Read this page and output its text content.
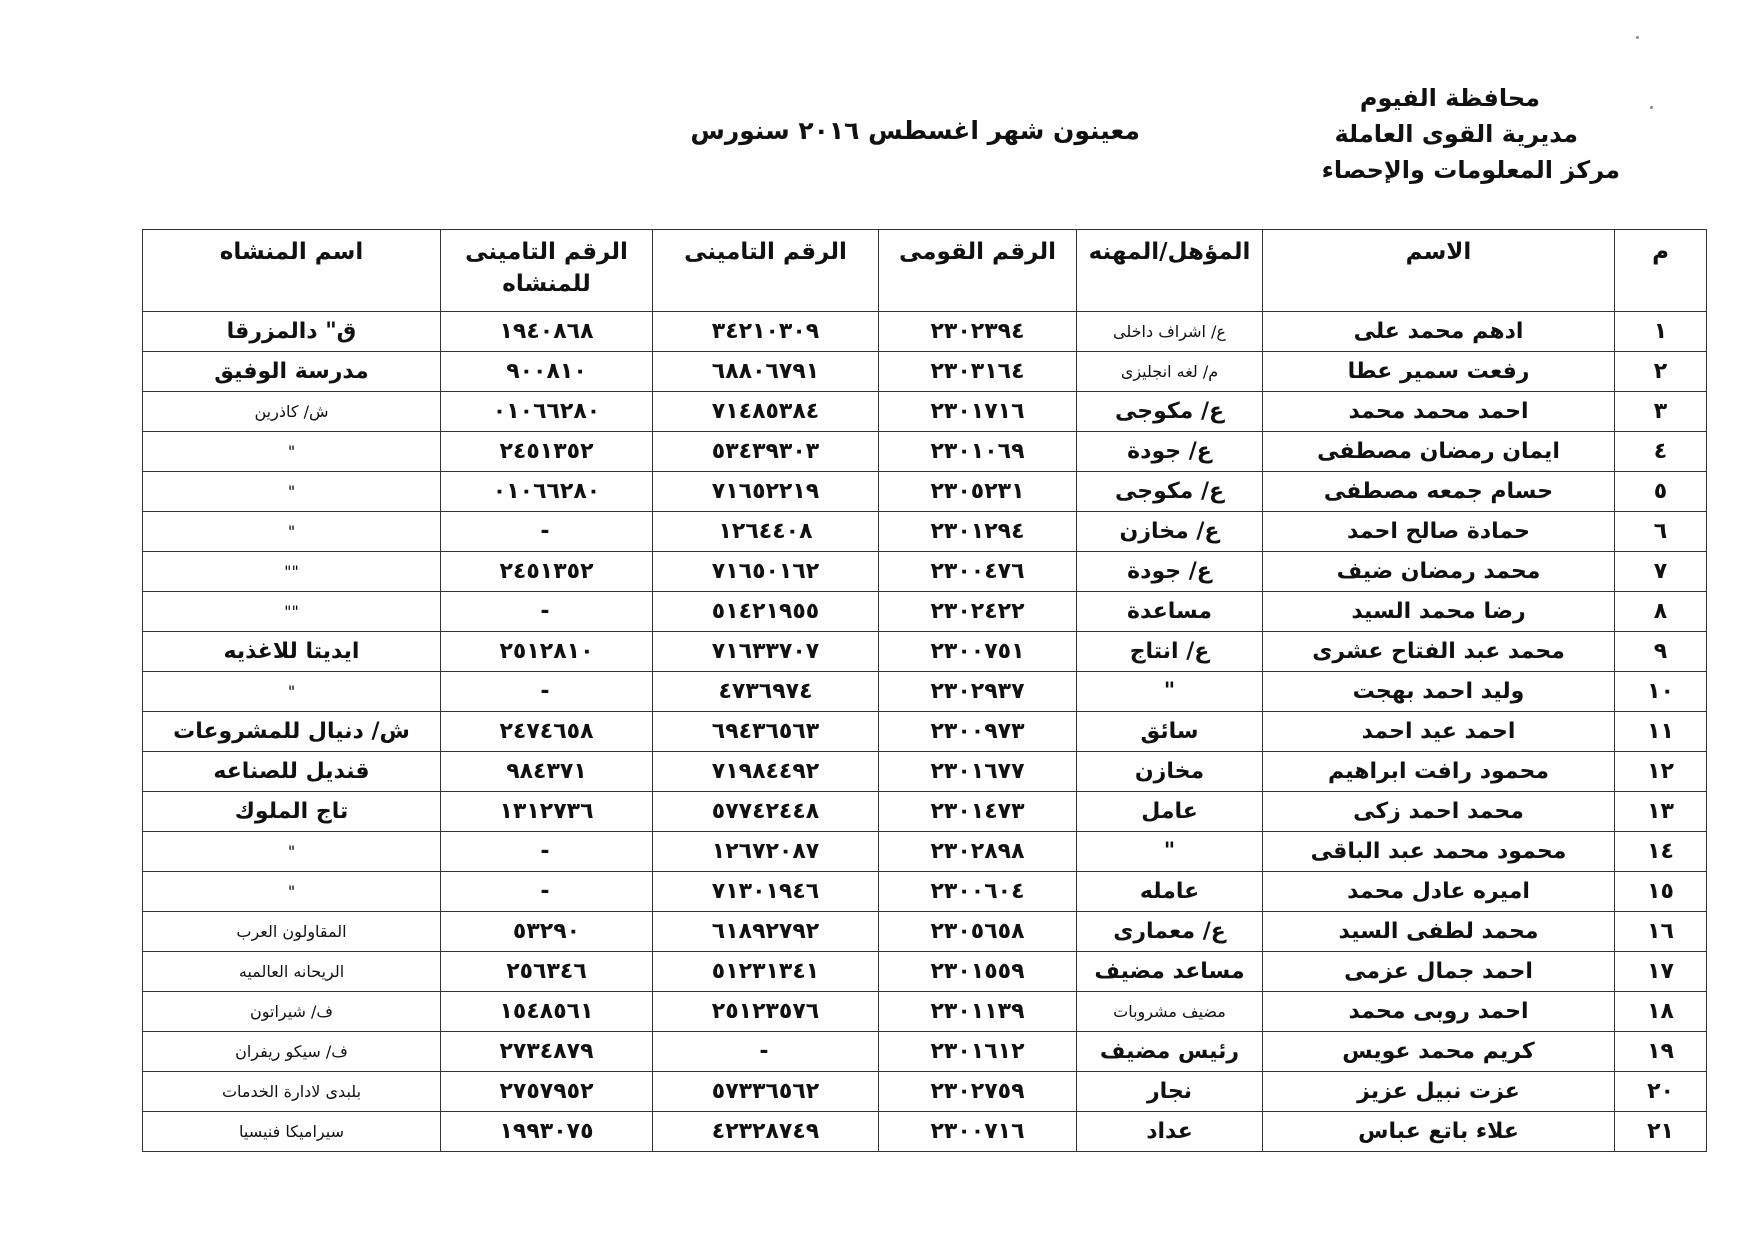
محافظة الفيوم
مديرية القوى العاملة
مركز المعلومات والإحصاء
معينون شهر اغسطس ٢٠١٦ سنورس
م	الاسم	المؤهل/المهنه	الرقم القومى	الرقم التامينى	الرقم التامينى للمنشاه	اسم المنشاه
١	ادهم محمد على	ع/ اشراف داخلى	٢٣٠٢٣٩٤	٣٤٢١٠٣٠٩	١٩٤٠٨٦٨	ق" دالمزرقا
٢	رفعت سمير عطا	م/ لغه انجليزى	٢٣٠٣١٦٤	٦٨٨٠٦٧٩١	٩٠٠٨١٠	مدرسة الوفيق
٣	احمد محمد محمد	ع/ مكوجى	٢٣٠١٧١٦	٧١٤٨٥٣٨٤	٠١٠٦٦٢٨٠	ش/ كاذرين
٤	ايمان رمضان مصطفى	ع/ جودة	٢٣٠١٠٦٩	٥٣٤٣٩٣٠٣	٢٤٥١٣٥٢	"
٥	حسام جمعه مصطفى	ع/ مكوجى	٢٣٠٥٢٣١	٧١٦٥٢٢١٩	٠١٠٦٦٢٨٠	"
٦	حمادة صالح احمد	ع/ مخازن	٢٣٠١٢٩٤	١٢٦٤٤٠٨	-	"
٧	محمد رمضان ضيف	ع/ جودة	٢٣٠٠٤٧٦	٧١٦٥٠١٦٢	٢٤٥١٣٥٢	""
٨	رضا محمد السيد	مساعدة	٢٣٠٢٤٢٢	٥١٤٢١٩٥٥	-	""
٩	محمد عبد الفتاح عشرى	ع/ انتاج	٢٣٠٠٧٥١	٧١٦٣٣٧٠٧	٢٥١٢٨١٠	ايديتا للاغذيه
١٠	وليد احمد بهجت	"	٢٣٠٢٩٣٧	٤٧٣٦٩٧٤	-	"
١١	احمد عيد احمد	سائق	٢٣٠٠٩٧٣	٦٩٤٣٦٥٦٣	٢٤٧٤٦٥٨	ش/ دنيال للمشروعات
١٢	محمود رافت ابراهيم	مخازن	٢٣٠١٦٧٧	٧١٩٨٤٤٩٢	٩٨٤٣٧١	قنديل للصناعه
١٣	محمد احمد زكى	عامل	٢٣٠١٤٧٣	٥٧٧٤٢٤٤٨	١٣١٢٧٣٦	تاج الملوك
١٤	محمود محمد عبد الباقى	"	٢٣٠٢٨٩٨	١٢٦٧٢٠٨٧	-	"
١٥	اميره عادل محمد	عامله	٢٣٠٠٦٠٤	٧١٣٠١٩٤٦	-	"
١٦	محمد لطفى السيد	ع/ معمارى	٢٣٠٥٦٥٨	٦١٨٩٢٧٩٢	٥٣٢٩٠	المقاولون العرب
١٧	احمد جمال عزمى	مساعد مضيف	٢٣٠١٥٥٩	٥١٢٣١٣٤١	٢٥٦٣٤٦	الريحانه العالميه
١٨	احمد روبى محمد	مضيف مشروبات	٢٣٠١١٣٩	٢٥١٢٣٥٧٦	١٥٤٨٥٦١	ف/ شيراتون
١٩	كريم محمد عويس	رئيس مضيف	٢٣٠١٦١٢	-	٢٧٣٤٨٧٩	ف/ سيكو ريفران
٢٠	عزت نبيل عزيز	نجار	٢٣٠٢٧٥٩	٥٧٣٣٦٥٦٢	٢٧٥٧٩٥٢	بلبدى لادارة الخدمات
٢١	علاء باتع عباس	عداد	٢٣٠٠٧١٦	٤٢٣٢٨٧٤٩	١٩٩٣٠٧٥	سيراميكا فنيسيا
